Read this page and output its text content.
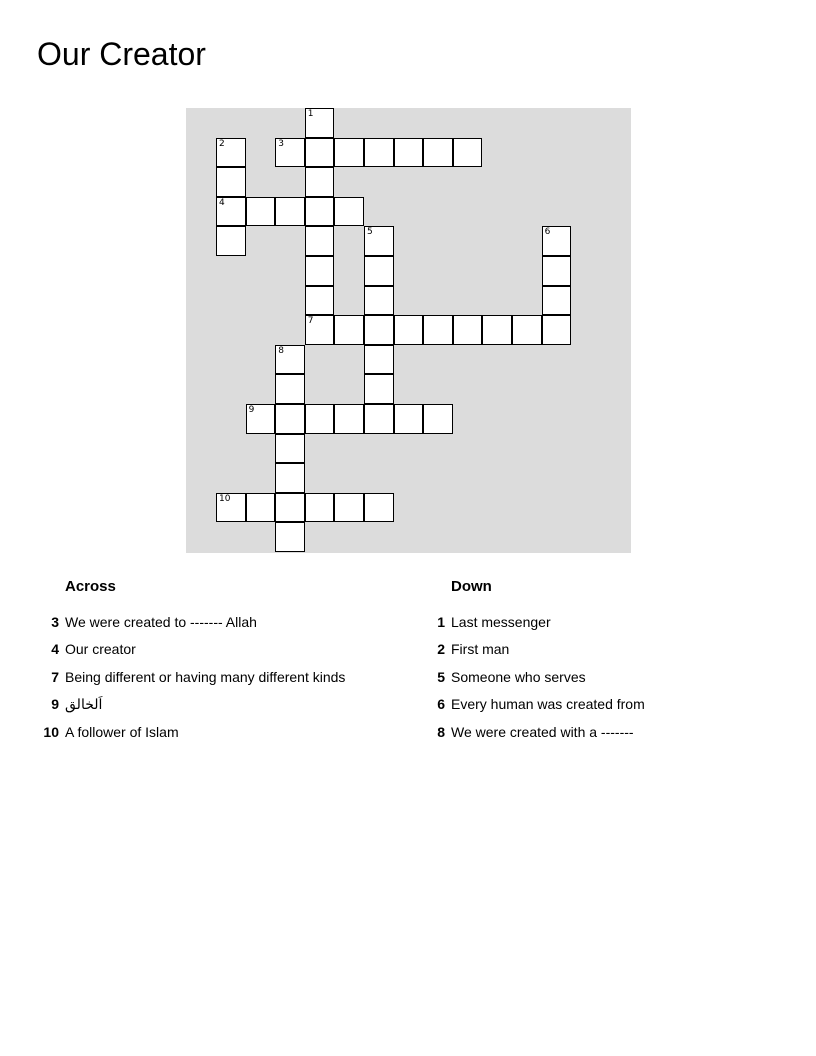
Our Creator
1
2	3
4
5	6
7
8
9
10
Across
3 We were created to ------- Allah
4 Our creator
7 Being different or having many different kinds
9 اَلخالق
10 A follower of Islam
Down
1 Last messenger
2 First man
5 Someone who serves
6 Every human was created from
8 We were created with a -------
